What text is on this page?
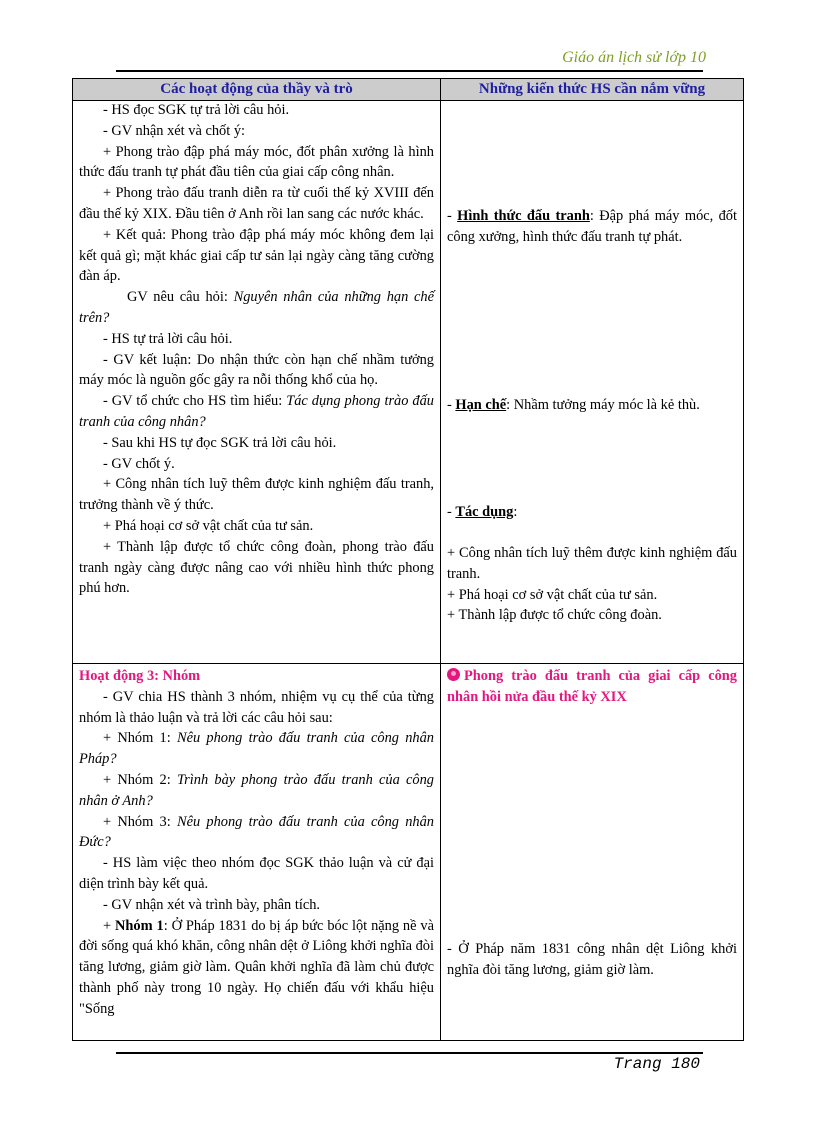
Giáo án lịch sử lớp 10
Các hoạt động của thầy và trò	Những kiến thức HS cần nắm vững

- HS đọc SGK tự trả lời câu hỏi.

- GV nhận xét và chốt ý:

+ Phong trào đập phá máy móc, đốt phân xưởng là hình thức đấu tranh tự phát đầu tiên của giai cấp công nhân.

+ Phong trào đấu tranh diễn ra từ cuối thế kỷ XVIII đến đầu thế kỷ XIX. Đầu tiên ở Anh rồi lan sang các nước khác.

+ Kết quả: Phong trào đập phá máy móc không đem lại kết quả gì; mặt khác giai cấp tư sản lại ngày càng tăng cường đàn áp.

GV nêu câu hỏi: Nguyên nhân của những hạn chế trên?

- HS tự trả lời câu hỏi.

- GV kết luận: Do nhận thức còn hạn chế nhầm tưởng máy móc là nguồn gốc gây ra nỗi thống khổ của họ.

- GV tổ chức cho HS tìm hiểu: Tác dụng phong trào đấu tranh của công nhân?

- Sau khi HS tự đọc SGK trả lời câu hỏi.

- GV chốt ý.

+ Công nhân tích luỹ thêm được kinh nghiệm đấu tranh, trưởng thành về ý thức.

+ Phá hoại cơ sở vật chất của tư sản.

+ Thành lập được tổ chức công đoàn, phong trào đấu tranh ngày càng được nâng cao với nhiều hình thức phong phú hơn.

- Hình thức đấu tranh: Đập phá máy móc, đốt công xưởng, hình thức đấu tranh tự phát.

- Hạn chế: Nhầm tưởng máy móc là kẻ thù.

- Tác dụng:

+ Công nhân tích luỹ thêm được kinh nghiệm đấu tranh.

+ Phá hoại cơ sở vật chất của tư sản.

+ Thành lập được tổ chức công đoàn.

Hoạt động 3: Nhóm

- GV chia HS thành 3 nhóm, nhiệm vụ cụ thể của từng nhóm là thảo luận và trả lời các câu hỏi sau:

+ Nhóm 1: Nêu phong trào đấu tranh của công nhân Pháp?

+ Nhóm 2: Trình bày phong trào đấu tranh của công nhân ở Anh?

+ Nhóm 3: Nêu phong trào đấu tranh của công nhân Đức?

- HS làm việc theo nhóm đọc SGK thảo luận và cử đại diện trình bày kết quả.

- GV nhận xét và trình bày, phân tích.

+ Nhóm 1: Ở Pháp 1831 do bị áp bức bóc lột nặng nề và đời sống quá khó khăn, công nhân dệt ở Liông khởi nghĩa đòi tăng lương, giảm giờ làm. Quân khởi nghĩa đã làm chủ được thành phố này trong 10 ngày. Họ chiến đấu với khẩu hiệu "Sống

Phong trào đấu tranh của giai cấp công nhân hồi nửa đầu thế kỷ XIX

- Ở Pháp năm 1831 công nhân dệt Liông khởi nghĩa đòi tăng lương, giảm giờ làm.

Trang 180
